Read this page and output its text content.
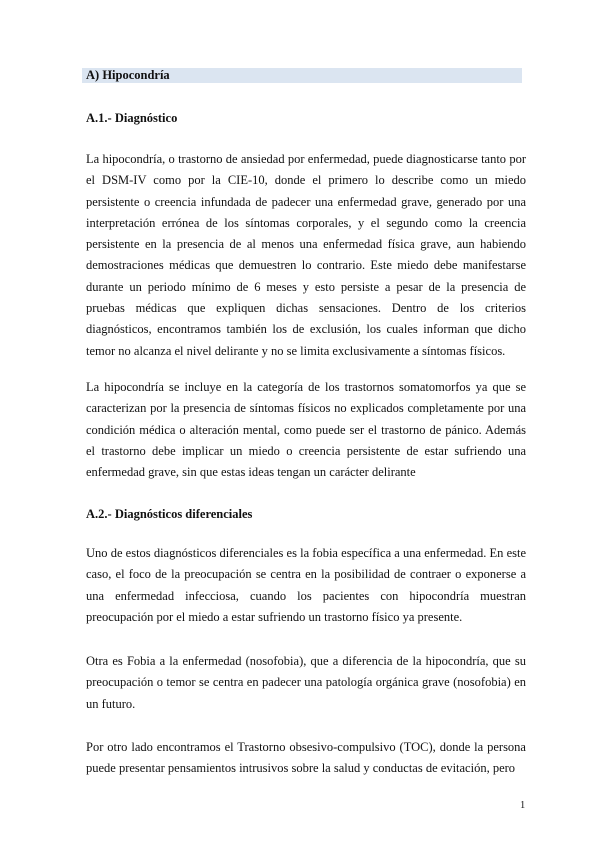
A) Hipocondría
A.1.- Diagnóstico

La hipocondría, o trastorno de ansiedad por enfermedad, puede diagnosticarse tanto por el DSM-IV como por la CIE-10, donde el primero lo describe como un miedo persistente o creencia infundada de padecer una enfermedad grave, generado por una interpretación errónea de los síntomas corporales, y el segundo como la creencia persistente en la presencia de al menos una enfermedad física grave, aun habiendo demostraciones médicas que demuestren lo contrario. Este miedo debe manifestarse durante un periodo mínimo de 6 meses y esto persiste a pesar de la presencia de pruebas médicas que expliquen dichas sensaciones. Dentro de los criterios diagnósticos, encontramos también los de exclusión, los cuales informan que dicho temor no alcanza el nivel delirante y no se limita exclusivamente a síntomas físicos.

La hipocondría se incluye en la categoría de los trastornos somatomorfos ya que se caracterizan por la presencia de síntomas físicos no explicados completamente por una condición médica o alteración mental, como puede ser el trastorno de pánico. Además el trastorno debe implicar un miedo o creencia persistente de estar sufriendo una enfermedad grave, sin que estas ideas tengan un carácter delirante

A.2.- Diagnósticos diferenciales

Uno de estos diagnósticos diferenciales es la fobia específica a una enfermedad. En este caso, el foco de la preocupación se centra en la posibilidad de contraer o exponerse a una enfermedad infecciosa, cuando los pacientes con hipocondría muestran preocupación por el miedo a estar sufriendo un trastorno físico ya presente.

Otra es Fobia a la enfermedad (nosofobia), que a diferencia de la hipocondría, que su preocupación o temor se centra en padecer una patología orgánica grave (nosofobia) en un futuro.

Por otro lado encontramos el Trastorno obsesivo-compulsivo (TOC), donde la persona puede presentar pensamientos intrusivos sobre la salud y conductas de evitación, pero

1
